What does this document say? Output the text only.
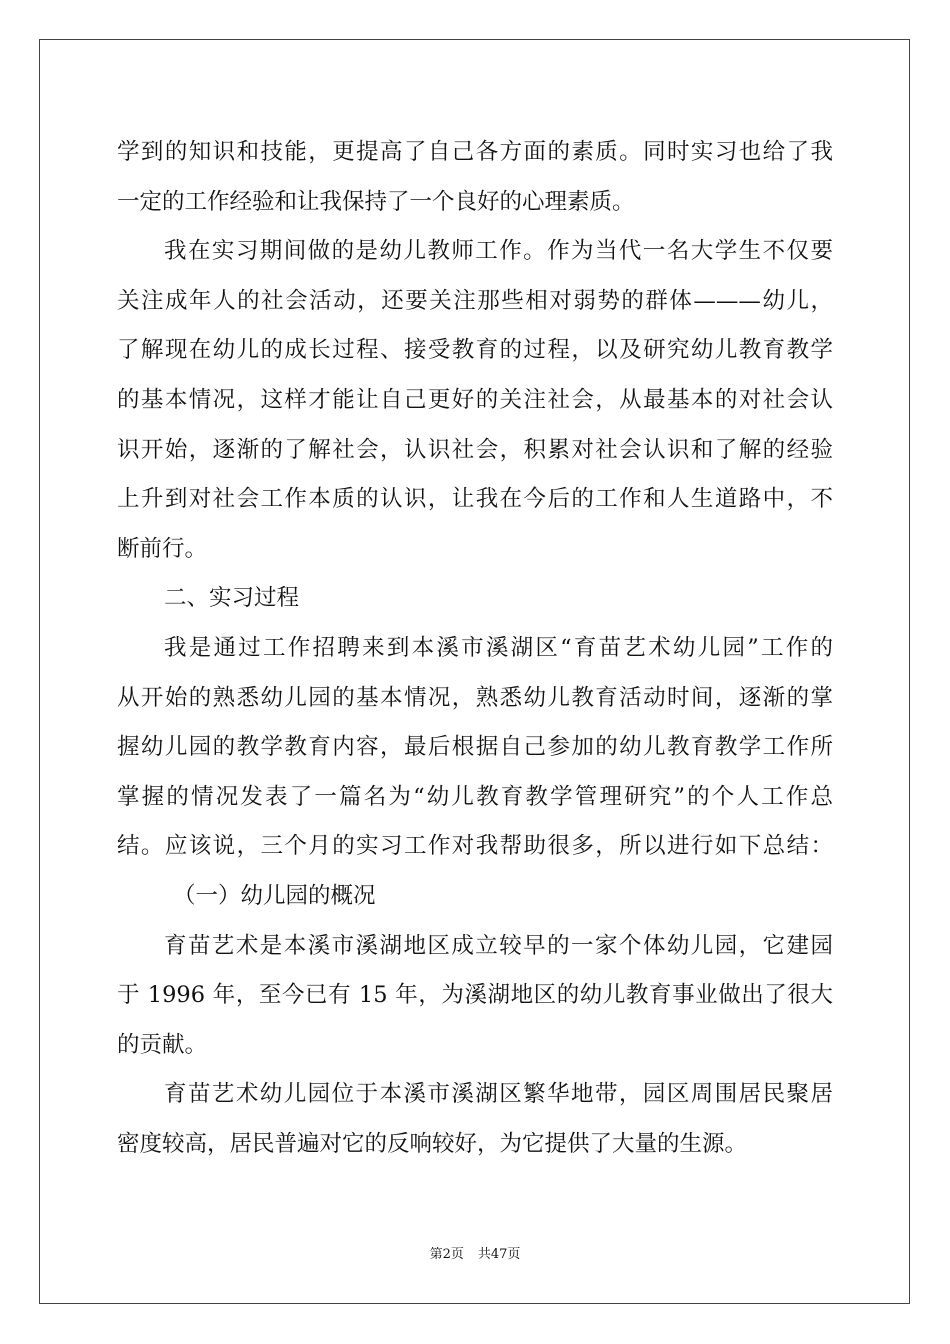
学到的知识和技能，更提高了自己各方面的素质。同时实习也给了我
一定的工作经验和让我保持了一个良好的心理素质。
我在实习期间做的是幼儿教师工作。作为当代一名大学生不仅要
关注成年人的社会活动，还要关注那些相对弱势的群体———幼儿，
了解现在幼儿的成长过程、接受教育的过程，以及研究幼儿教育教学
的基本情况，这样才能让自己更好的关注社会，从最基本的对社会认
识开始，逐渐的了解社会，认识社会，积累对社会认识和了解的经验
上升到对社会工作本质的认识，让我在今后的工作和人生道路中，不
断前行。
二、实习过程
我是通过工作招聘来到本溪市溪湖区“育苗艺术幼儿园”工作的
从开始的熟悉幼儿园的基本情况，熟悉幼儿教育活动时间，逐渐的掌
握幼儿园的教学教育内容，最后根据自己参加的幼儿教育教学工作所
掌握的情况发表了一篇名为“幼儿教育教学管理研究”的个人工作总
结。应该说，三个月的实习工作对我帮助很多，所以进行如下总结：
（一）幼儿园的概况
育苗艺术是本溪市溪湖地区成立较早的一家个体幼儿园，它建园
于 1996 年，至今已有 15 年，为溪湖地区的幼儿教育事业做出了很大
的贡献。
育苗艺术幼儿园位于本溪市溪湖区繁华地带，园区周围居民聚居
密度较高，居民普遍对它的反响较好，为它提供了大量的生源。
第2页 共47页
